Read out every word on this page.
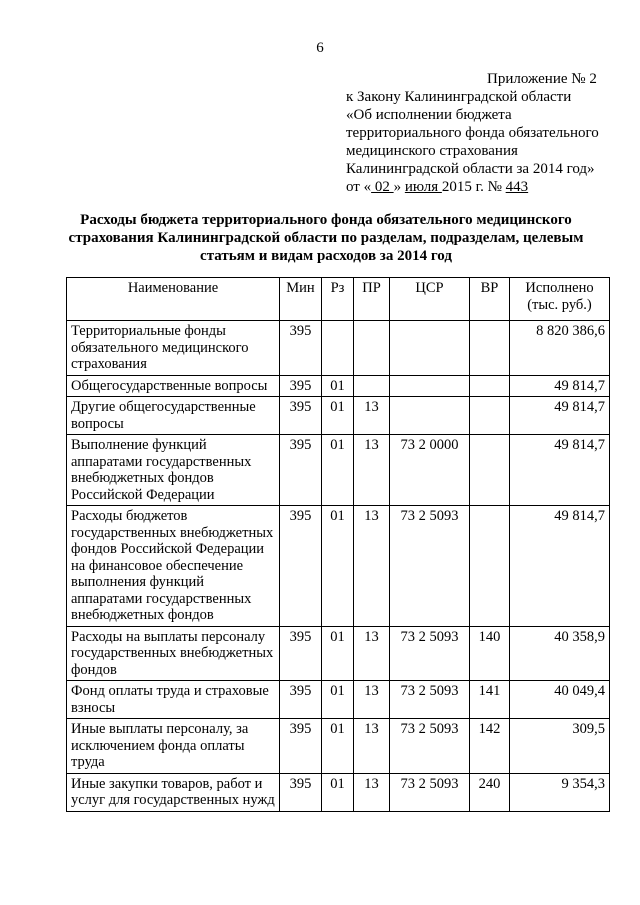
6
Приложение № 2
к Закону Калининградской области
«Об исполнении бюджета
территориального фонда обязательного
медицинского страхования
Калининградской области за 2014 год»
от « 02 » июля 2015 г. № 443
Расходы бюджета территориального фонда обязательного медицинского страхования Калининградской области по разделам, подразделам, целевым статьям и видам расходов за 2014 год
Наименование	Мин	Рз	ПР	ЦСР	ВР	Исполнено (тыс. руб.)
Территориальные фонды обязательного медицинского страхования	395					8 820 386,6
Общегосударственные вопросы	395	01				49 814,7
Другие общегосударственные вопросы	395	01	13			49 814,7
Выполнение функций аппаратами государственных внебюджетных фондов Российской Федерации	395	01	13	73 2 0000		49 814,7
Расходы бюджетов государственных внебюджетных фондов Российской Федерации на финансовое обеспечение выполнения функций аппаратами государственных внебюджетных фондов	395	01	13	73 2 5093		49 814,7
Расходы на выплаты персоналу государственных внебюджетных фондов	395	01	13	73 2 5093	140	40 358,9
Фонд оплаты труда и страховые взносы	395	01	13	73 2 5093	141	40 049,4
Иные выплаты персоналу, за исключением фонда оплаты труда	395	01	13	73 2 5093	142	309,5
Иные закупки товаров, работ и услуг для государственных нужд	395	01	13	73 2 5093	240	9 354,3
